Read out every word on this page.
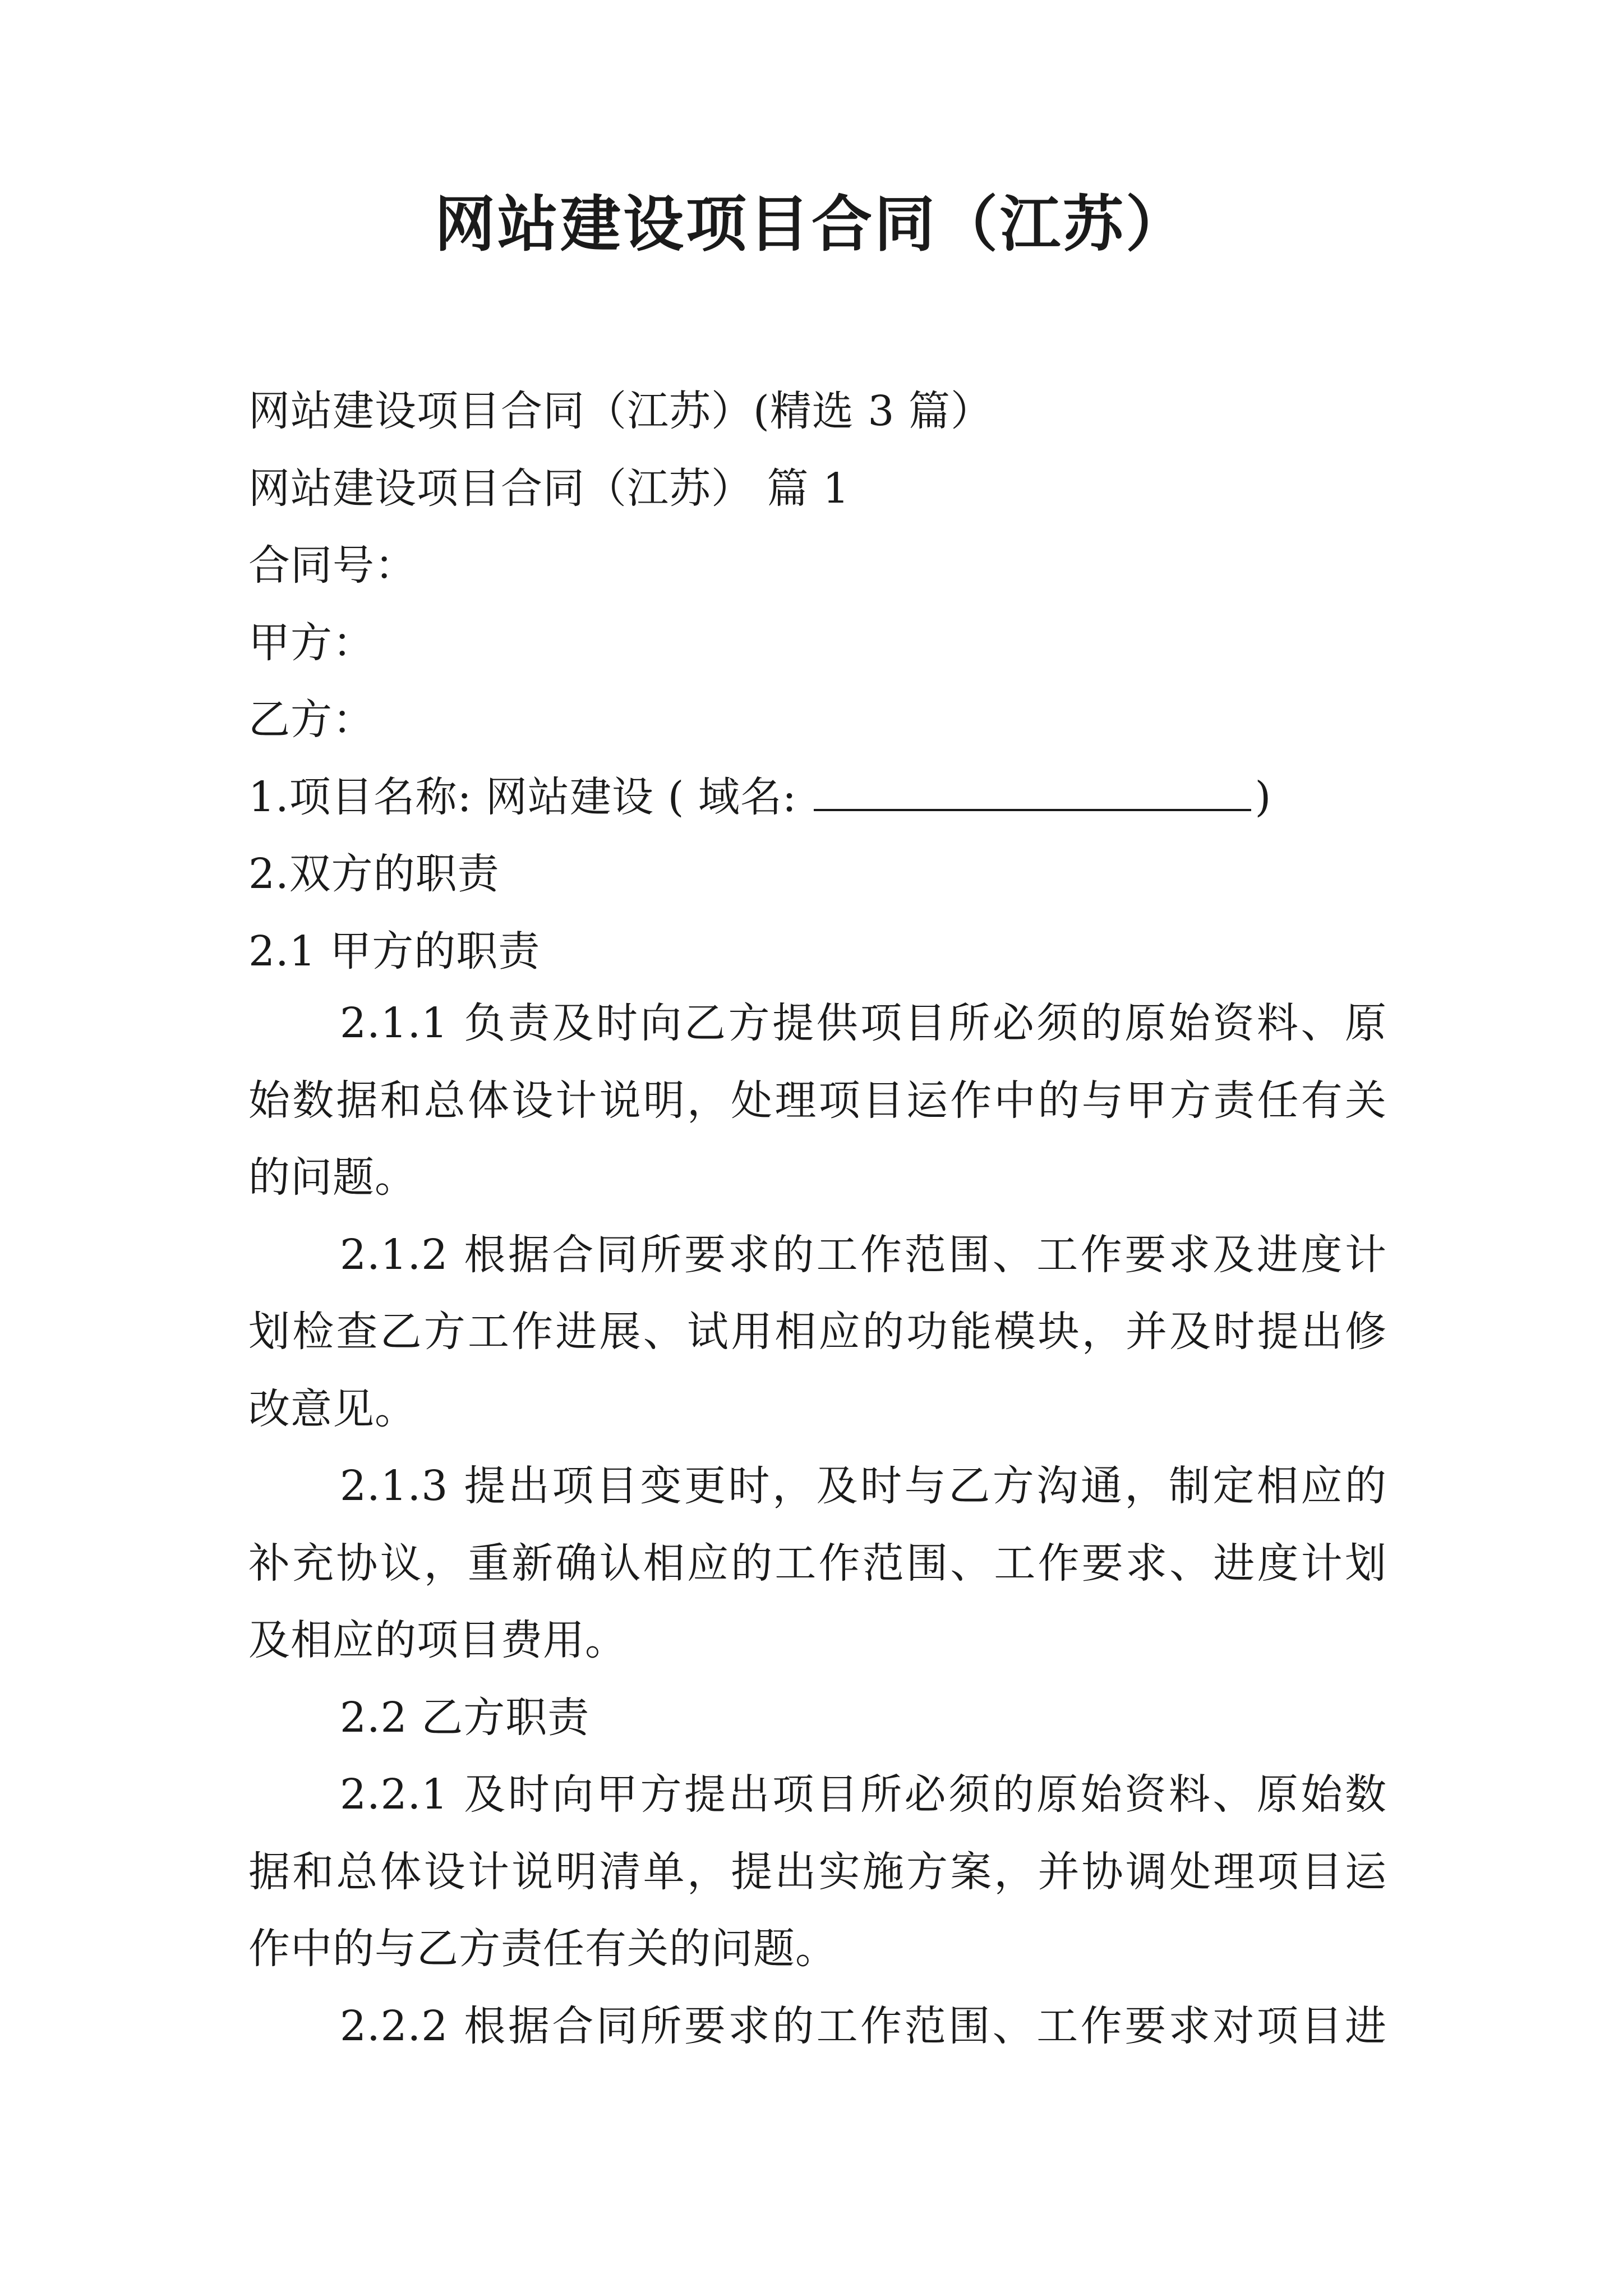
网站建设项目合同（江苏）
网站建设项目合同（江苏）(精选 3 篇）
网站建设项目合同（江苏） 篇 1
合同号：
甲方：
乙方：
1.项目名称: 网站建设 ( 域名:	)
2.双方的职责
2.1 甲方的职责
2.1.1 负责及时向乙方提供项目所必须的原始资料、原
始数据和总体设计说明，处理项目运作中的与甲方责任有关
的问题。
2.1.2 根据合同所要求的工作范围、工作要求及进度计
划检查乙方工作进展、试用相应的功能模块，并及时提出修
改意见。
2.1.3 提出项目变更时，及时与乙方沟通，制定相应的
补充协议，重新确认相应的工作范围、工作要求、进度计划
及相应的项目费用。
2.2 乙方职责
2.2.1 及时向甲方提出项目所必须的原始资料、原始数
据和总体设计说明清单，提出实施方案，并协调处理项目运
作中的与乙方责任有关的问题。
2.2.2 根据合同所要求的工作范围、工作要求对项目进
